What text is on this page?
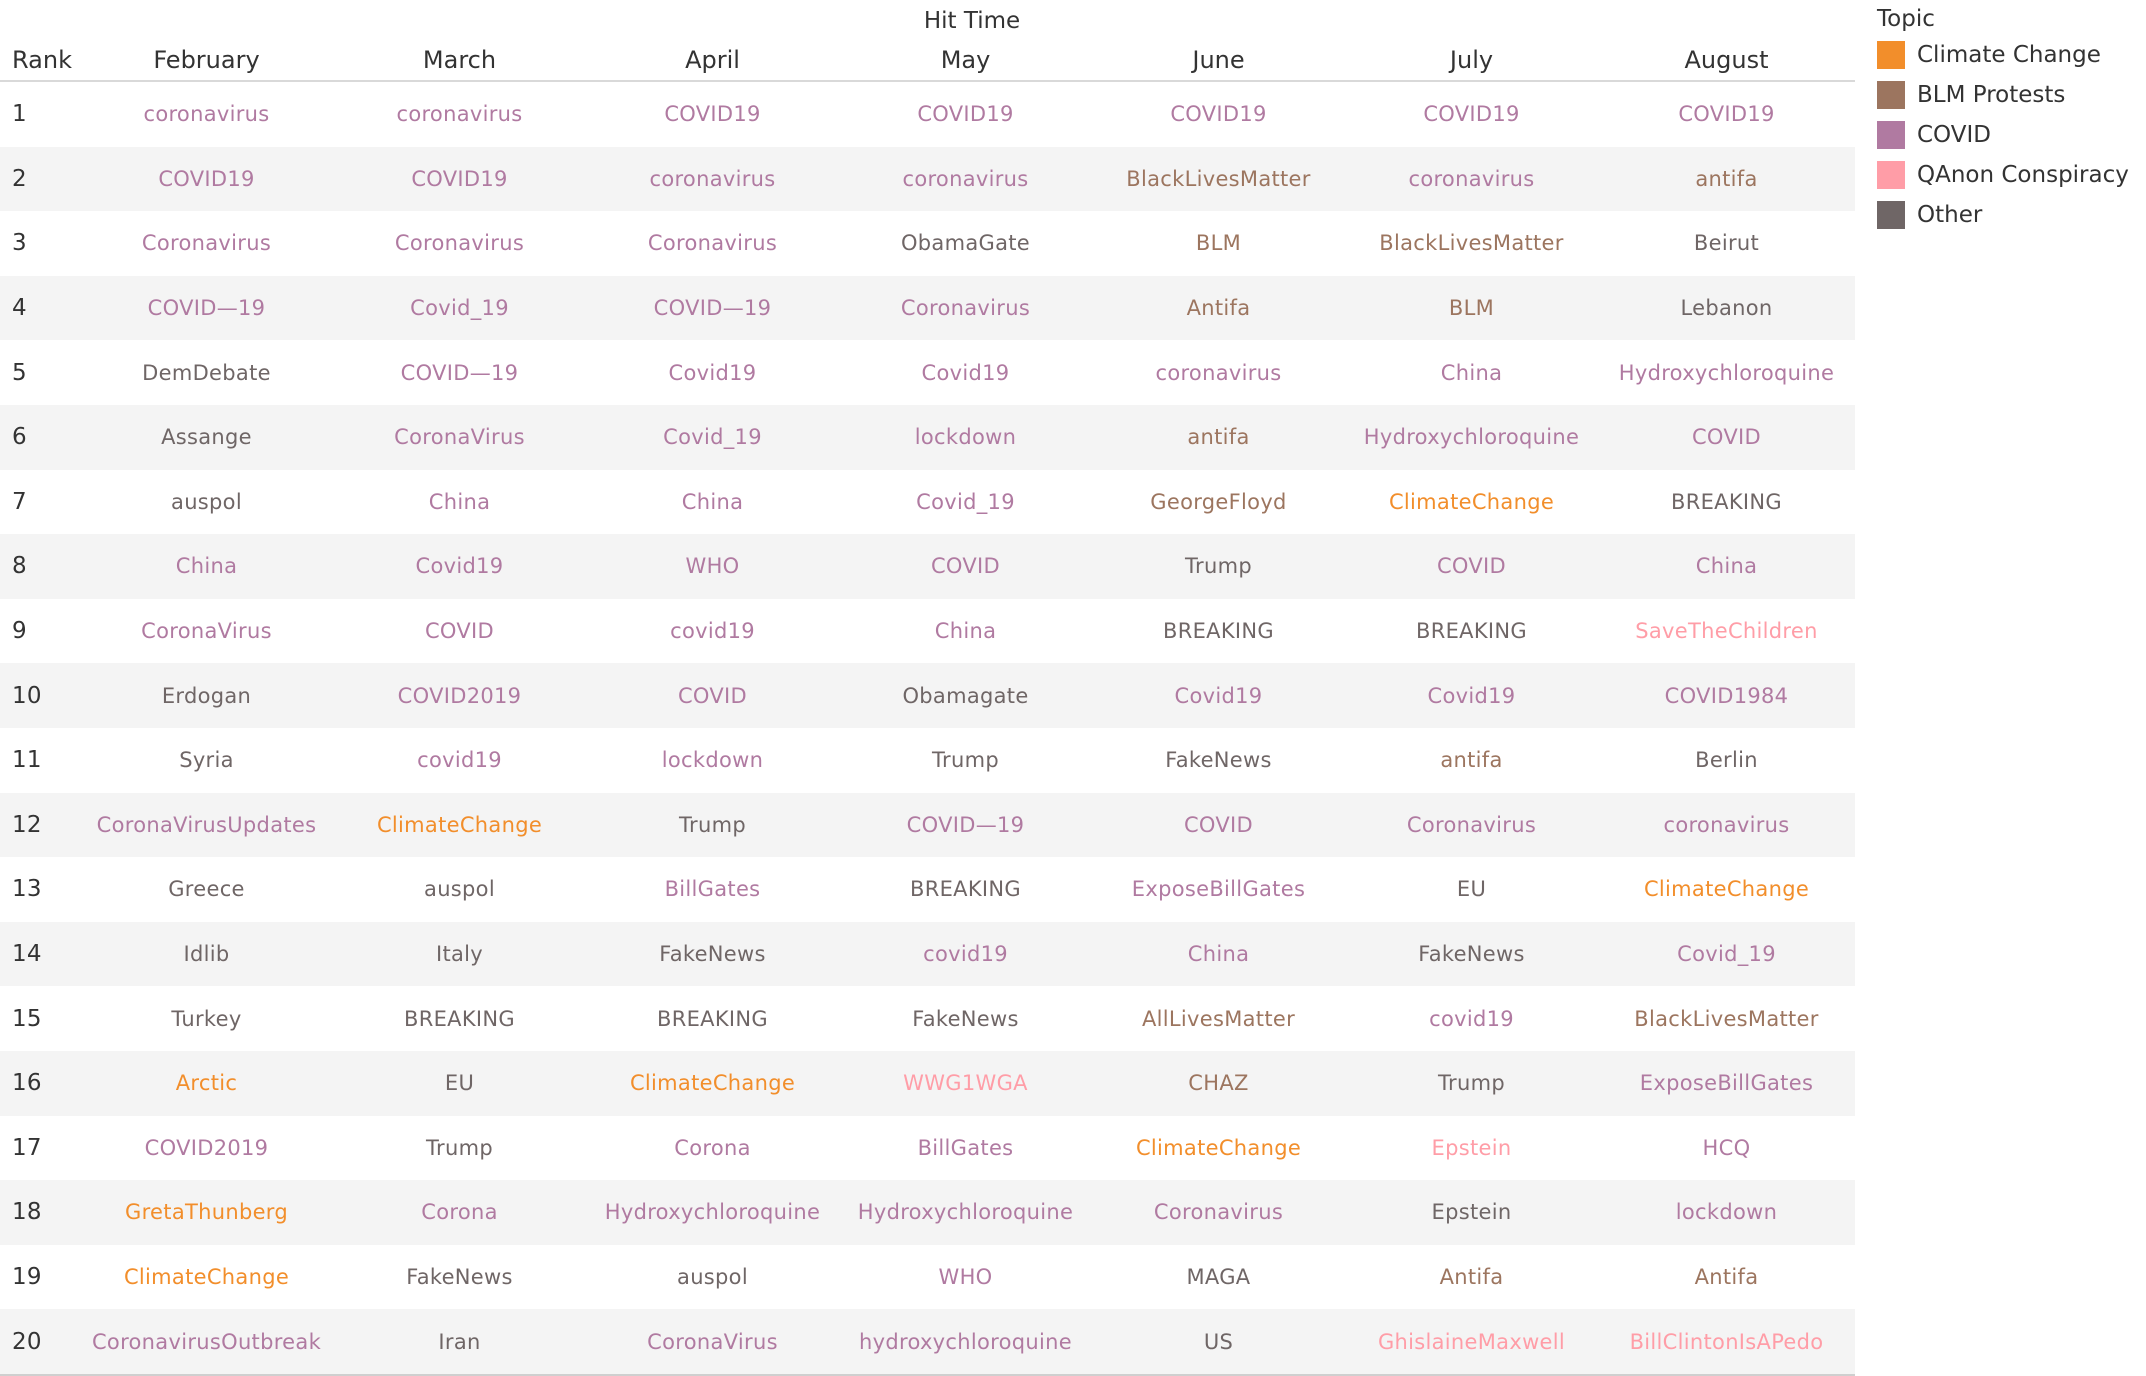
Hit Time
Rank	February	March	April	May	June	July	August
1	coronavirus	coronavirus	COVID19	COVID19	COVID19	COVID19	COVID19
2	COVID19	COVID19	coronavirus	coronavirus	BlackLivesMatter	coronavirus	antifa
3	Coronavirus	Coronavirus	Coronavirus	ObamaGate	BLM	BlackLivesMatter	Beirut
4	COVID—19	Covid_19	COVID—19	Coronavirus	Antifa	BLM	Lebanon
5	DemDebate	COVID—19	Covid19	Covid19	coronavirus	China	Hydroxychloroquine
6	Assange	CoronaVirus	Covid_19	lockdown	antifa	Hydroxychloroquine	COVID
7	auspol	China	China	Covid_19	GeorgeFloyd	ClimateChange	BREAKING
8	China	Covid19	WHO	COVID	Trump	COVID	China
9	CoronaVirus	COVID	covid19	China	BREAKING	BREAKING	SaveTheChildren
10	Erdogan	COVID2019	COVID	Obamagate	Covid19	Covid19	COVID1984
11	Syria	covid19	lockdown	Trump	FakeNews	antifa	Berlin
12	CoronaVirusUpdates	ClimateChange	Trump	COVID—19	COVID	Coronavirus	coronavirus
13	Greece	auspol	BillGates	BREAKING	ExposeBillGates	EU	ClimateChange
14	Idlib	Italy	FakeNews	covid19	China	FakeNews	Covid_19
15	Turkey	BREAKING	BREAKING	FakeNews	AllLivesMatter	covid19	BlackLivesMatter
16	Arctic	EU	ClimateChange	WWG1WGA	CHAZ	Trump	ExposeBillGates
17	COVID2019	Trump	Corona	BillGates	ClimateChange	Epstein	HCQ
18	GretaThunberg	Corona	Hydroxychloroquine	Hydroxychloroquine	Coronavirus	Epstein	lockdown
19	ClimateChange	FakeNews	auspol	WHO	MAGA	Antifa	Antifa
20	CoronavirusOutbreak	Iran	CoronaVirus	hydroxychloroquine	US	GhislaineMaxwell	BillClintonIsAPedo
Topic
Climate Change
BLM Protests
COVID
QAnon Conspiracy
Other
